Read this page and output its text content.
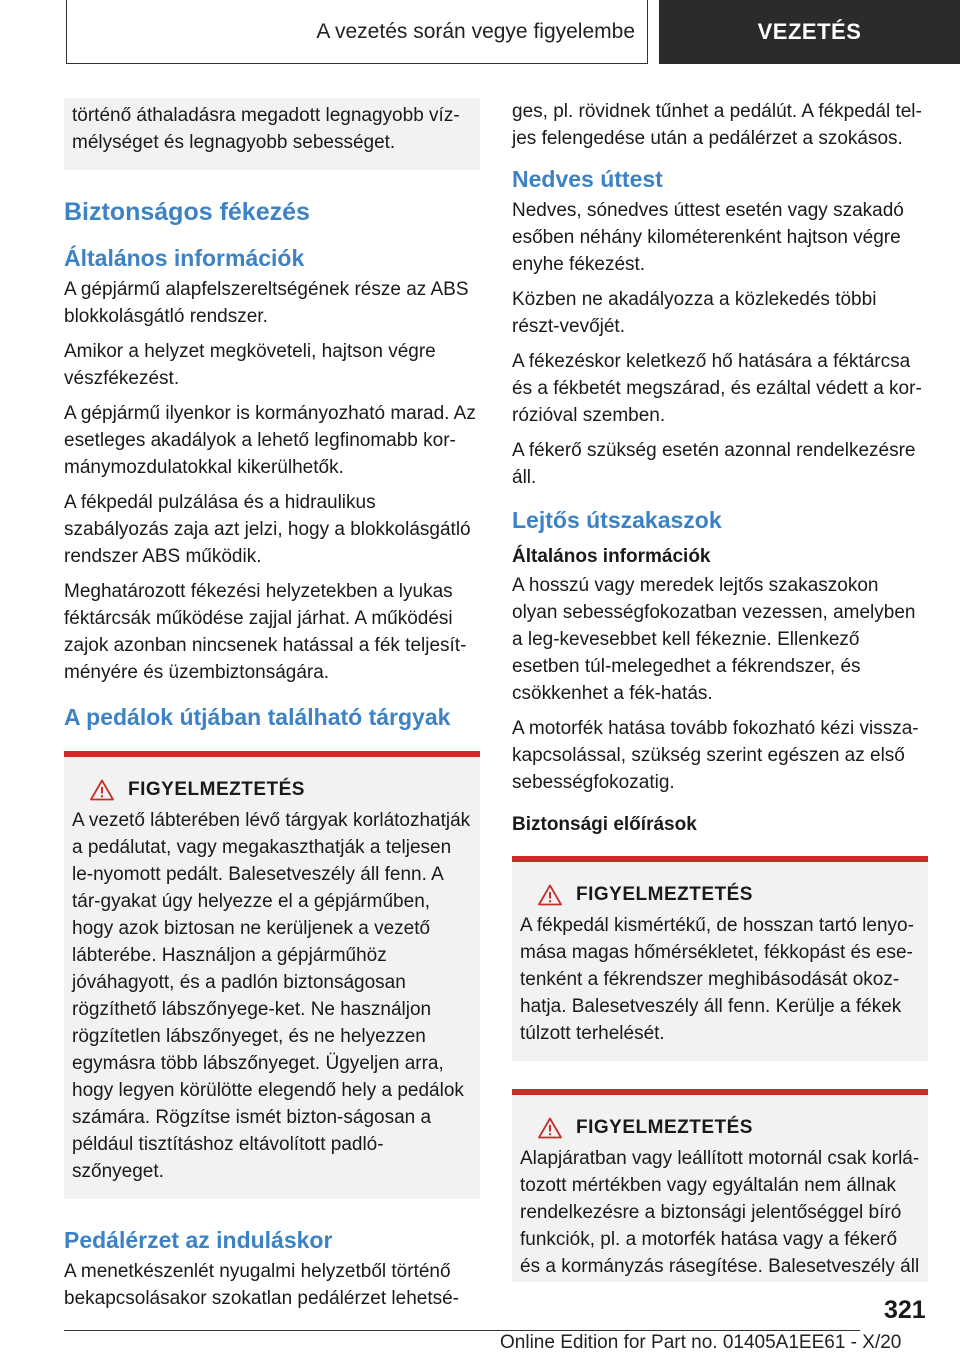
A vezetés során vegye figyelembe	VEZETÉS

történő áthaladásra megadott legnagyobb víz-mélységet és legnagyobb sebességet.

Biztonságos fékezés
Általános információk

A gépjármű alapfelszereltségének része az ABS blokkolásgátló rendszer.

Amikor a helyzet megköveteli, hajtson végre vészfékezést.

A gépjármű ilyenkor is kormányozható marad. Az esetleges akadályok a lehető legfinomabb kor-mánymozdulatokkal kikerülhetők.

A fékpedál pulzálása és a hidraulikus szabályozás zaja azt jelzi, hogy a blokkolásgátló rendszer ABS működik.

Meghatározott fékezési helyzetekben a lyukas féktárcsák működése zajjal járhat. A működési zajok azonban nincsenek hatással a fék teljesít-ményére és üzembiztonságára.

A pedálok útjában található tárgyak
FIGYELMEZTETÉS

A vezető lábterében lévő tárgyak korlátozhatják a pedálutat, vagy megakaszthatják a teljesen le-nyomott pedált. Balesetveszély áll fenn. A tár-gyakat úgy helyezze el a gépjárműben, hogy azok biztosan ne kerüljenek a vezető lábterébe. Használjon a gépjárműhöz jóváhagyott, és a padlón biztonságosan rögzíthető lábszőnyege-ket. Ne használjon rögzítetlen lábszőnyeget, és ne helyezzen egymásra több lábszőnyeget. Ügyeljen arra, hogy legyen körülötte elegendő hely a pedálok számára. Rögzítse ismét bizton-ságosan a például tisztításhoz eltávolított padló-szőnyeget.

Pedálérzet az induláskor

A menetkészenlét nyugalmi helyzetből történő bekapcsolásakor szokatlan pedálérzet lehetsé-

ges, pl. rövidnek tűnhet a pedálút. A fékpedál tel-jes felengedése után a pedálérzet a szokásos.

Nedves úttest

Nedves, sónedves úttest esetén vagy szakadó esőben néhány kilométerenként hajtson végre enyhe fékezést.

Közben ne akadályozza a közlekedés többi részt-vevőjét.

A fékezéskor keletkező hő hatására a féktárcsa és a fékbetét megszárad, és ezáltal védett a kor-rózióval szemben.

A fékerő szükség esetén azonnal rendelkezésre áll.

Lejtős útszakaszok
Általános információk

A hosszú vagy meredek lejtős szakaszokon olyan sebességfokozatban vezessen, amelyben a leg-kevesebbet kell fékeznie. Ellenkező esetben túl-melegedhet a fékrendszer, és csökkenhet a fék-hatás.

A motorfék hatása tovább fokozható kézi vissza-kapcsolással, szükség szerint egészen az első sebességfokozatig.

Biztonsági előírások
FIGYELMEZTETÉS

A fékpedál kismértékű, de hosszan tartó lenyo-mása magas hőmérsékletet, fékkopást és ese-tenként a fékrendszer meghibásodását okoz-hatja. Balesetveszély áll fenn. Kerülje a fékek túlzott terhelését.

FIGYELMEZTETÉS

Alapjáratban vagy leállított motornál csak korlá-tozott mértékben vagy egyáltalán nem állnak rendelkezésre a biztonsági jelentőséggel bíró funkciók, pl. a motorfék hatása vagy a fékerő és a kormányzás rásegítése. Balesetveszély áll

321
Online Edition for Part no. 01405A1EE61 - X/20
